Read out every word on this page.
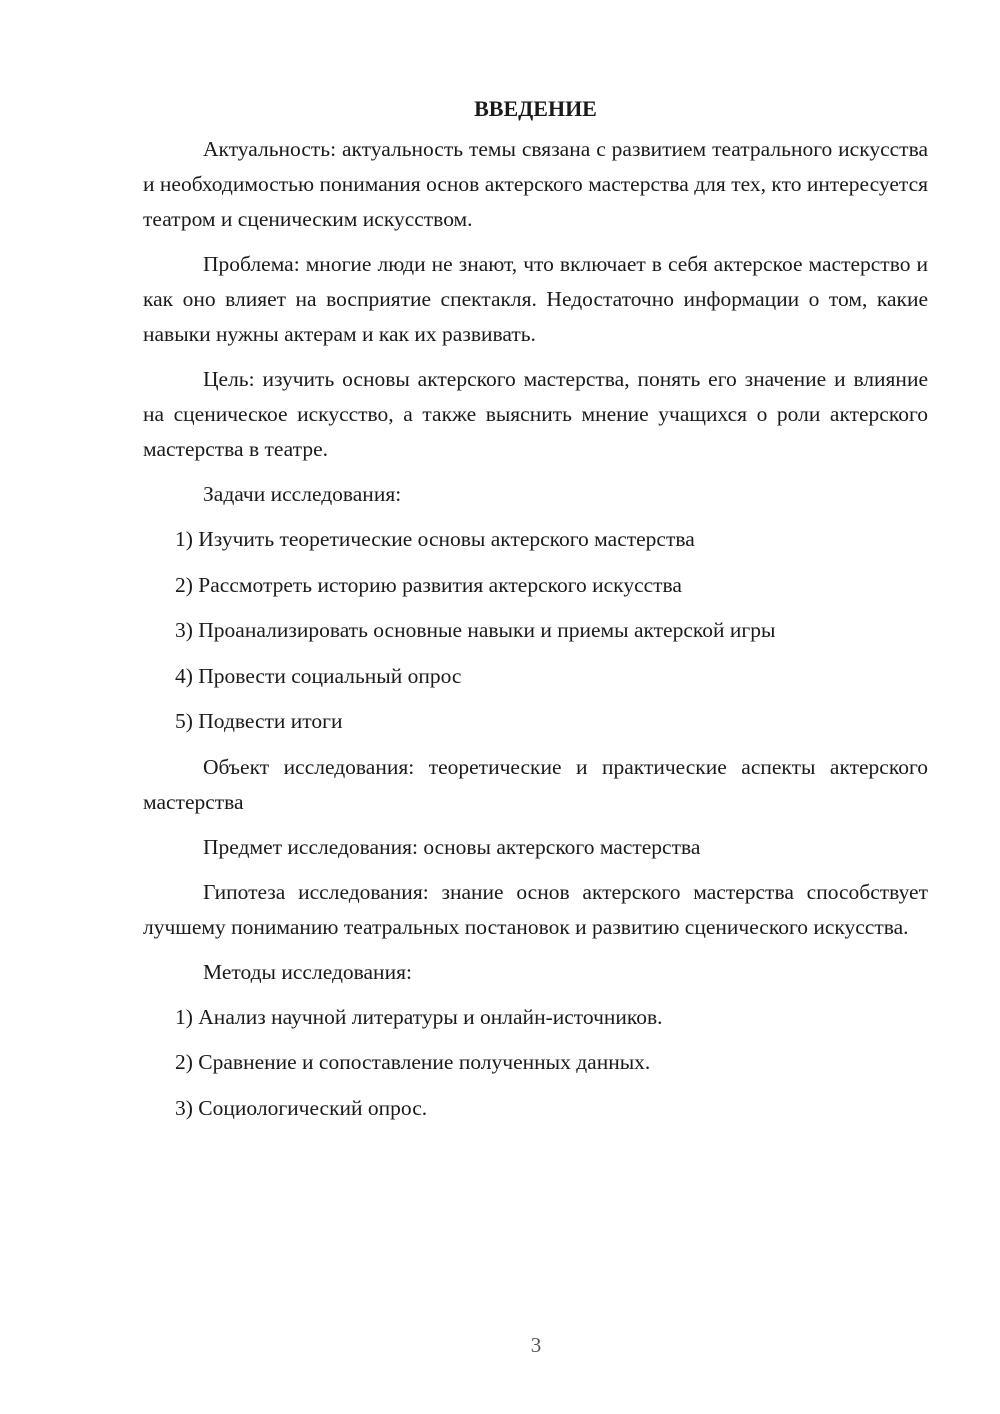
ВВЕДЕНИЕ

Актуальность: актуальность темы связана с развитием театрального искусства и необходимостью понимания основ актерского мастерства для тех, кто интересуется театром и сценическим искусством.

Проблема: многие люди не знают, что включает в себя актерское мастерство и как оно влияет на восприятие спектакля. Недостаточно информации о том, какие навыки нужны актерам и как их развивать.

Цель: изучить основы актерского мастерства, понять его значение и влияние на сценическое искусство, а также выяснить мнение учащихся о роли актерского мастерства в театре.

Задачи исследования:

1) Изучить теоретические основы актерского мастерства

2) Рассмотреть историю развития актерского искусства

3) Проанализировать основные навыки и приемы актерской игры

4) Провести социальный опрос

5) Подвести итоги

Объект исследования: теоретические и практические аспекты актерского мастерства

Предмет исследования: основы актерского мастерства

Гипотеза исследования: знание основ актерского мастерства способствует лучшему пониманию театральных постановок и развитию сценического искусства.

Методы исследования:

1) Анализ научной литературы и онлайн-источников.

2) Сравнение и сопоставление полученных данных.

3) Социологический опрос.

3
